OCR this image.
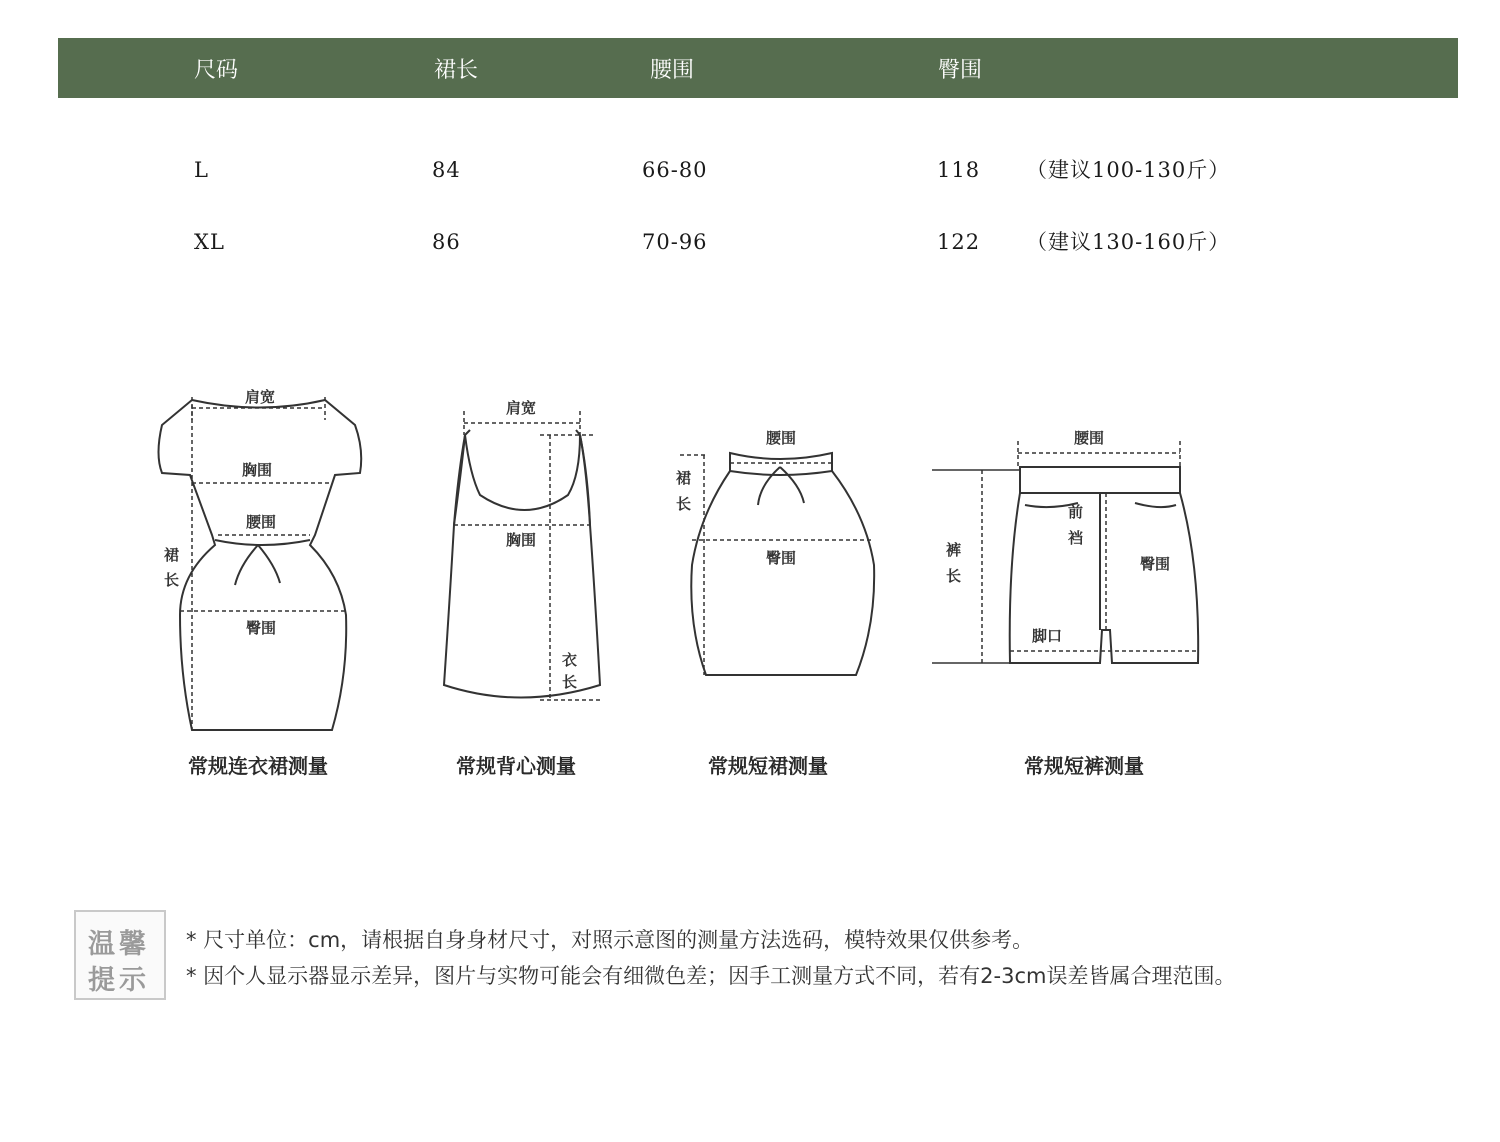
尺码	裙长	腰围	臀围
L	84	66-80	118 （建议100-130斤）
XL	86	70-96	122 （建议130-160斤）
肩宽
胸围
腰围
臀围
裙
长
常规连衣裙测量
肩宽
胸围
衣
长
常规背心测量
腰围
臀围
裙
长
常规短裙测量
腰围
前
裆
臀围
裤
长
脚口
常规短裤测量
温馨
提示
* 尺寸单位：cm，请根据自身身材尺寸，对照示意图的测量方法选码，模特效果仅供参考。
* 因个人显示器显示差异，图片与实物可能会有细微色差；因手工测量方式不同，若有2-3cm误差皆属合理范围。
